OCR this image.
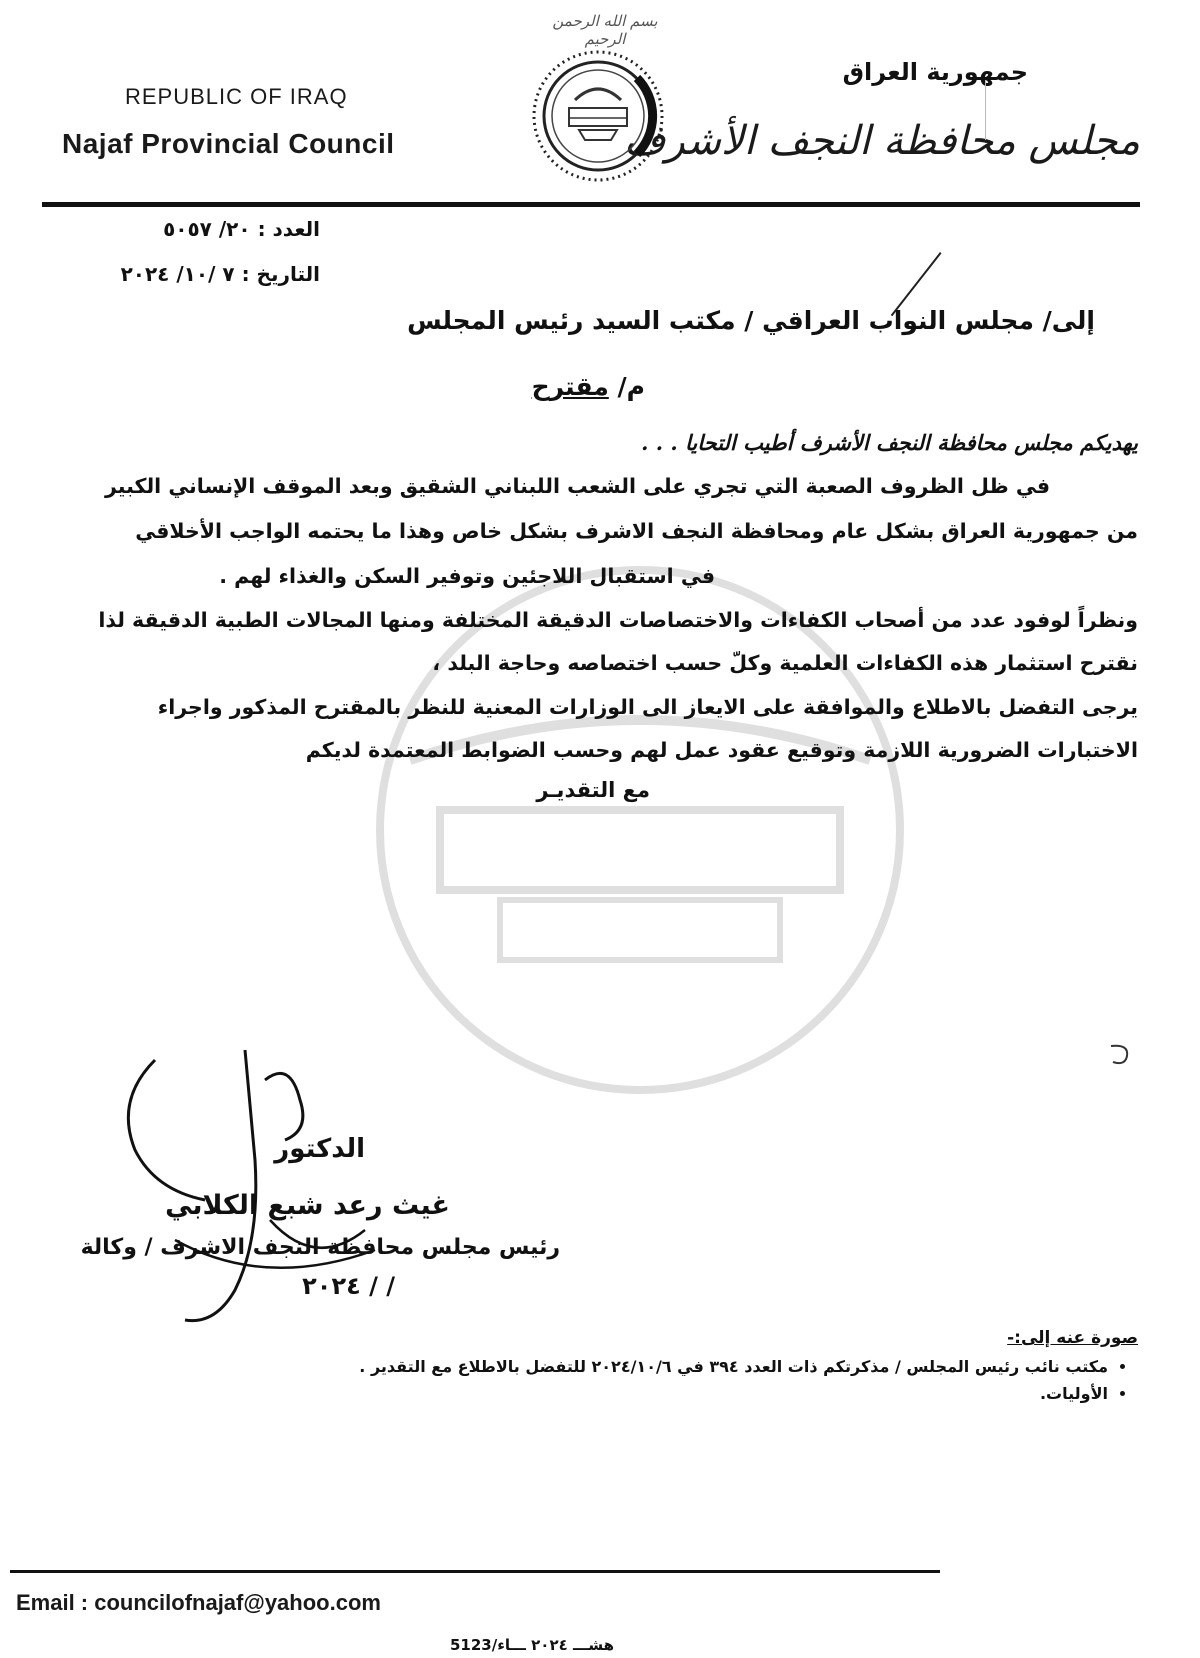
بسم الله الرحمن الرحيم
REPUBLIC OF IRAQ
Najaf Provincial Council
جمهورية العراق
مجلس محافظة النجف الأشرف
العدد : ٢٠/ ٥٠٥٧
التاريخ : ٧ /١٠/ ٢٠٢٤
إلى/ مجلس النواب العراقي / مكتب السيد رئيس المجلس
م/ مقترح
يهديكم مجلس محافظة النجف الأشرف أطيب التحايا . . .
في ظل الظروف الصعبة التي تجري على الشعب اللبناني الشقيق وبعد الموقف الإنساني الكبير
من جمهورية العراق بشكل عام ومحافظة النجف الاشرف بشكل خاص وهذا ما يحتمه الواجب الأخلاقي
في استقبال اللاجئين وتوفير السكن والغذاء لهم .
ونظراً لوفود عدد من أصحاب الكفاءات والاختصاصات الدقيقة المختلفة ومنها المجالات الطبية الدقيقة لذا
نقترح استثمار هذه الكفاءات العلمية وكلّ حسب اختصاصه وحاجة البلد ،
يرجى التفضل بالاطلاع والموافقة على الايعاز الى الوزارات المعنية للنظر بالمقترح المذكور واجراء
الاختبارات الضرورية اللازمة وتوقيع عقود عمل لهم وحسب الضوابط المعتمدة لديكم
مع التقديـر
الدكتور
غيث رعد شبع الكلابي
رئيس مجلس محافظة النجف الاشرف / وكالة
/ / ٢٠٢٤
صورة عنه إلى:-
• مكتب نائب رئيس المجلس / مذكرتكم ذات العدد ٣٩٤ في ٢٠٢٤/١٠/٦ للتفضل بالاطلاع مع التقدير .
• الأوليات.
Email : councilofnajaf@yahoo.com
هشـــ ٢٠٢٤ ـــاء/5123
